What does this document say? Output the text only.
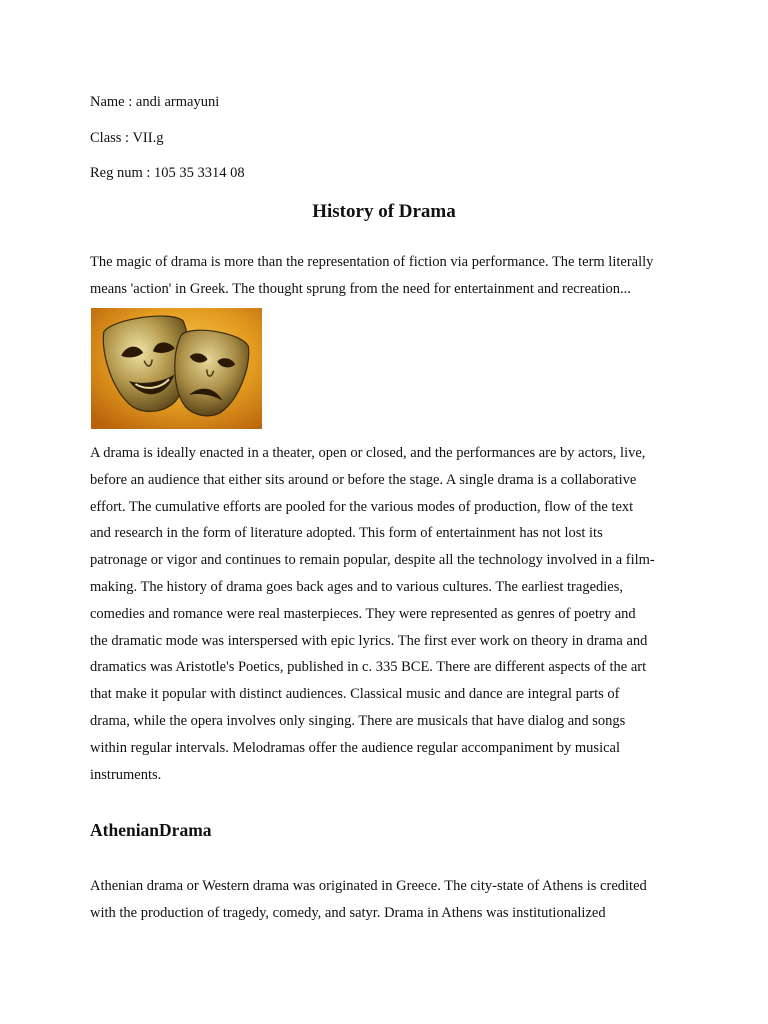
Name : andi armayuni
Class : VII.g
Reg num : 105 35 3314 08
History of Drama

The magic of drama is more than the representation of fiction via performance. The term literally
means 'action' in Greek. The thought sprung from the need for entertainment and recreation...

A drama is ideally enacted in a theater, open or closed, and the performances are by actors, live,
before an audience that either sits around or before the stage. A single drama is a collaborative
effort. The cumulative efforts are pooled for the various modes of production, flow of the text
and research in the form of literature adopted. This form of entertainment has not lost its
patronage or vigor and continues to remain popular, despite all the technology involved in a film-
making. The history of drama goes back ages and to various cultures. The earliest tragedies,
comedies and romance were real masterpieces. They were represented as genres of poetry and
the dramatic mode was interspersed with epic lyrics. The first ever work on theory in drama and
dramatics was Aristotle's Poetics, published in c. 335 BCE. There are different aspects of the art
that make it popular with distinct audiences. Classical music and dance are integral parts of
drama, while the opera involves only singing. There are musicals that have dialog and songs
within regular intervals. Melodramas offer the audience regular accompaniment by musical
instruments.

AthenianDrama

Athenian drama or Western drama was originated in Greece. The city-state of Athens is credited
with the production of tragedy, comedy, and satyr. Drama in Athens was institutionalized
